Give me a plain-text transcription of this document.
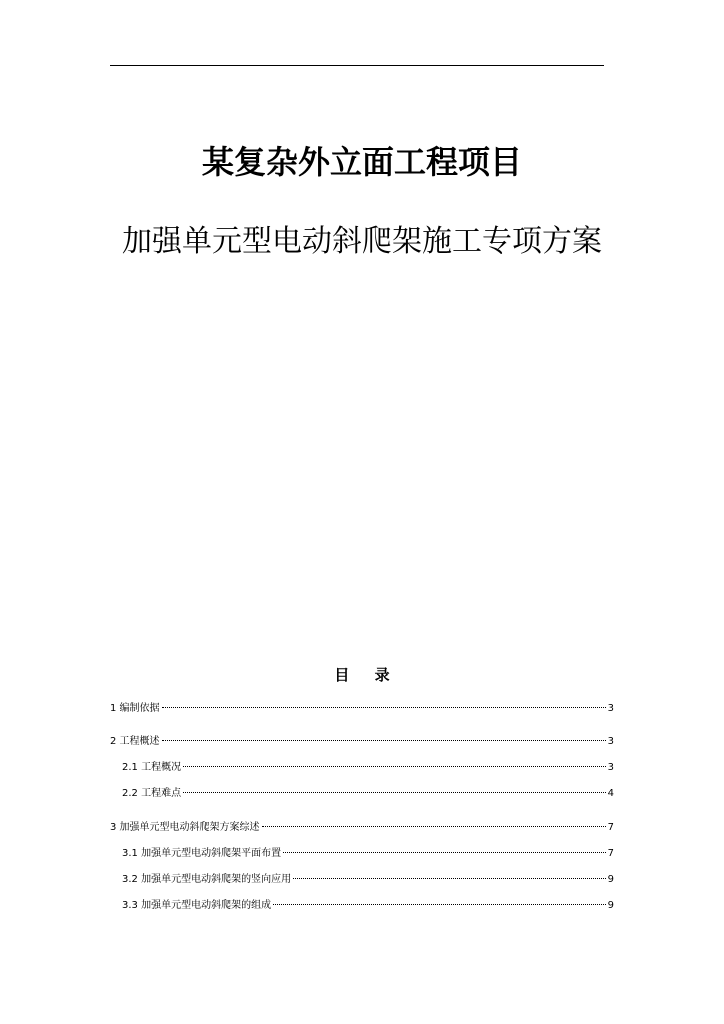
某复杂外立面工程项目
加强单元型电动斜爬架施工专项方案
目 录
1 编制依据	3
2 工程概述	3
2.1 工程概况	3
2.2 工程难点	4
3 加强单元型电动斜爬架方案综述	7
3.1 加强单元型电动斜爬架平面布置	7
3.2 加强单元型电动斜爬架的竖向应用	9
3.3 加强单元型电动斜爬架的组成	9
